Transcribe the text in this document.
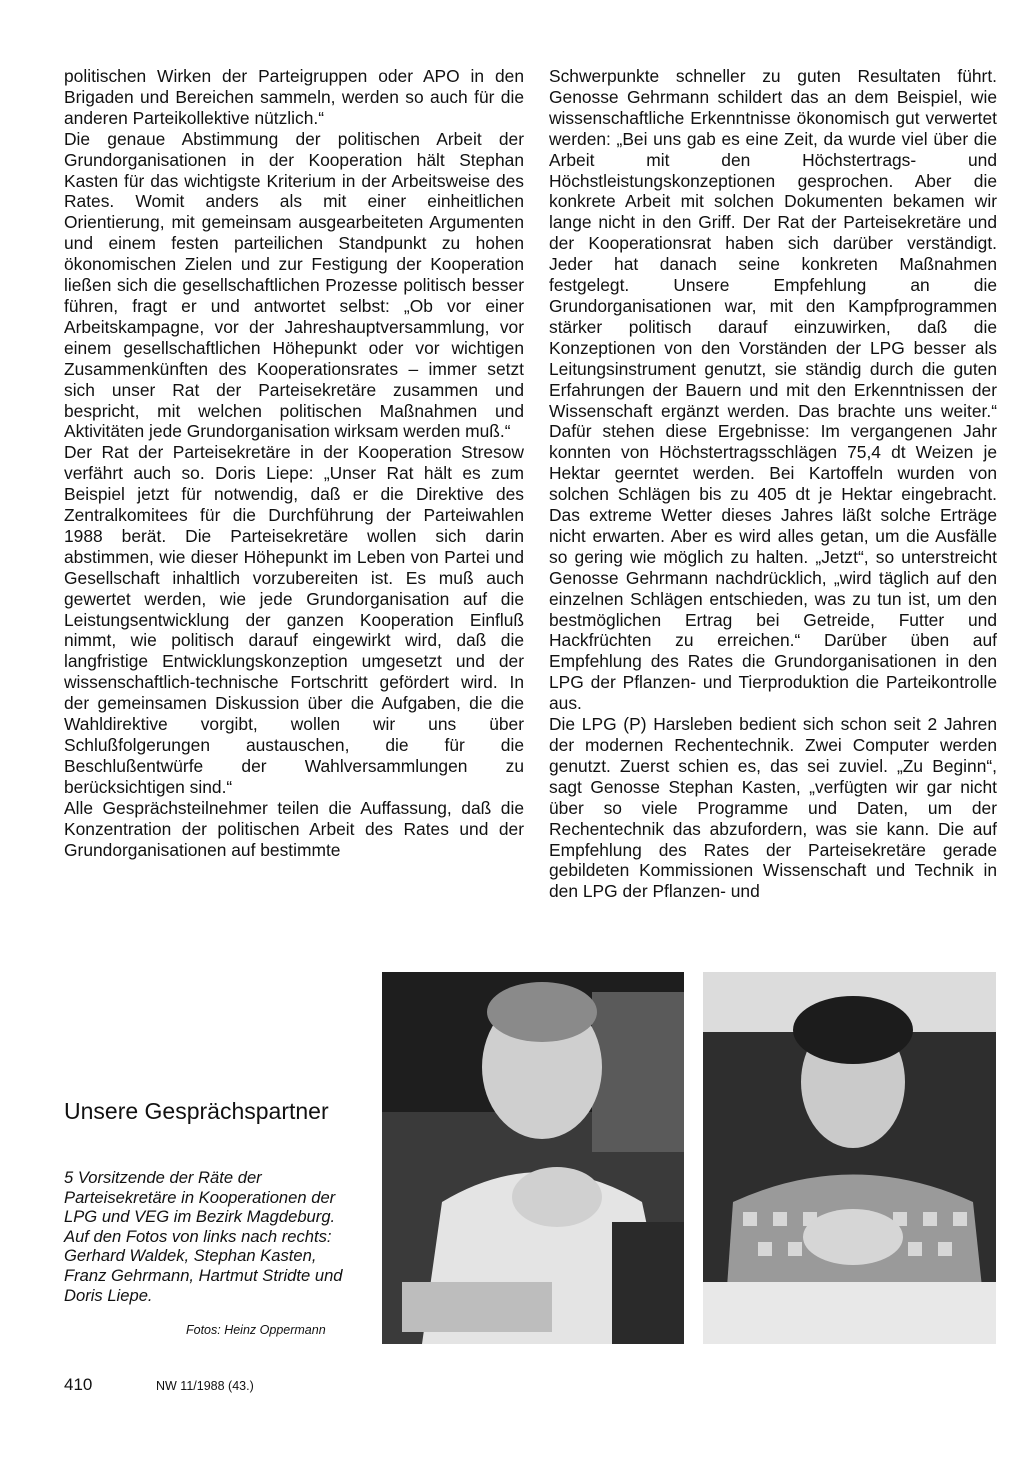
politischen Wirken der Parteigruppen oder APO in den Brigaden und Bereichen sammeln, werden so auch für die anderen Parteikollektive nützlich.“

Die genaue Abstimmung der politischen Arbeit der Grundorganisationen in der Kooperation hält Stephan Kasten für das wichtigste Kriterium in der Arbeitsweise des Rates. Womit anders als mit einer einheitlichen Orientierung, mit gemeinsam ausgearbeiteten Argumenten und einem festen parteilichen Standpunkt zu hohen ökonomischen Zielen und zur Festigung der Kooperation ließen sich die gesellschaftlichen Prozesse politisch besser führen, fragt er und antwortet selbst: „Ob vor einer Arbeitskampagne, vor der Jahreshauptversammlung, vor einem gesellschaftlichen Höhepunkt oder vor wichtigen Zusammenkünften des Kooperationsrates – immer setzt sich unser Rat der Parteisekretäre zusammen und bespricht, mit welchen politischen Maßnahmen und Aktivitäten jede Grundorganisation wirksam werden muß.“

Der Rat der Parteisekretäre in der Kooperation Stresow verfährt auch so. Doris Liepe: „Unser Rat hält es zum Beispiel jetzt für notwendig, daß er die Direktive des Zentralkomitees für die Durchführung der Parteiwahlen 1988 berät. Die Parteisekretäre wollen sich darin abstimmen, wie dieser Höhepunkt im Leben von Partei und Gesellschaft inhaltlich vorzubereiten ist. Es muß auch gewertet werden, wie jede Grundorganisation auf die Leistungsentwicklung der ganzen Kooperation Einfluß nimmt, wie politisch darauf eingewirkt wird, daß die langfristige Entwicklungskonzeption umgesetzt und der wissenschaftlich-technische Fortschritt gefördert wird. In der gemeinsamen Diskussion über die Aufgaben, die die Wahldirektive vorgibt, wollen wir uns über Schlußfolgerungen austauschen, die für die Beschlußentwürfe der Wahlversammlungen zu berücksichtigen sind.“

Alle Gesprächsteilnehmer teilen die Auffassung, daß die Konzentration der politischen Arbeit des Rates und der Grundorganisationen auf bestimmte

Schwerpunkte schneller zu guten Resultaten führt. Genosse Gehrmann schildert das an dem Beispiel, wie wissenschaftliche Erkenntnisse ökonomisch gut verwertet werden: „Bei uns gab es eine Zeit, da wurde viel über die Arbeit mit den Höchstertrags- und Höchstleistungskonzeptionen gesprochen. Aber die konkrete Arbeit mit solchen Dokumenten bekamen wir lange nicht in den Griff. Der Rat der Parteisekretäre und der Kooperationsrat haben sich darüber verständigt. Jeder hat danach seine konkreten Maßnahmen festgelegt. Unsere Empfehlung an die Grundorganisationen war, mit den Kampfprogrammen stärker politisch darauf einzuwirken, daß die Konzeptionen von den Vorständen der LPG besser als Leitungsinstrument genutzt, sie ständig durch die guten Erfahrungen der Bauern und mit den Erkenntnissen der Wissenschaft ergänzt werden. Das brachte uns weiter.“ Dafür stehen diese Ergebnisse: Im vergangenen Jahr konnten von Höchstertragsschlägen 75,4 dt Weizen je Hektar geerntet werden. Bei Kartoffeln wurden von solchen Schlägen bis zu 405 dt je Hektar eingebracht. Das extreme Wetter dieses Jahres läßt solche Erträge nicht erwarten. Aber es wird alles getan, um die Ausfälle so gering wie möglich zu halten. „Jetzt“, so unterstreicht Genosse Gehrmann nachdrücklich, „wird täglich auf den einzelnen Schlägen entschieden, was zu tun ist, um den bestmöglichen Ertrag bei Getreide, Futter und Hackfrüchten zu erreichen.“ Darüber üben auf Empfehlung des Rates die Grundorganisationen in den LPG der Pflanzen- und Tierproduktion die Parteikontrolle aus.

Die LPG (P) Harsleben bedient sich schon seit 2 Jahren der modernen Rechentechnik. Zwei Computer werden genutzt. Zuerst schien es, das sei zuviel. „Zu Beginn“, sagt Genosse Stephan Kasten, „verfügten wir gar nicht über so viele Programme und Daten, um der Rechentechnik das abzufordern, was sie kann. Die auf Empfehlung des Rates der Parteisekretäre gerade gebildeten Kommissionen Wissenschaft und Technik in den LPG der Pflanzen- und

Unsere Gesprächspartner
5 Vorsitzende der Räte der Parteisekretäre in Kooperationen der LPG und VEG im Bezirk Magdeburg. Auf den Fotos von links nach rechts: Gerhard Waldek, Stephan Kasten, Franz Gehrmann, Hartmut Stridte und Doris Liepe.
Fotos: Heinz Oppermann
410	NW 11/1988 (43.)
